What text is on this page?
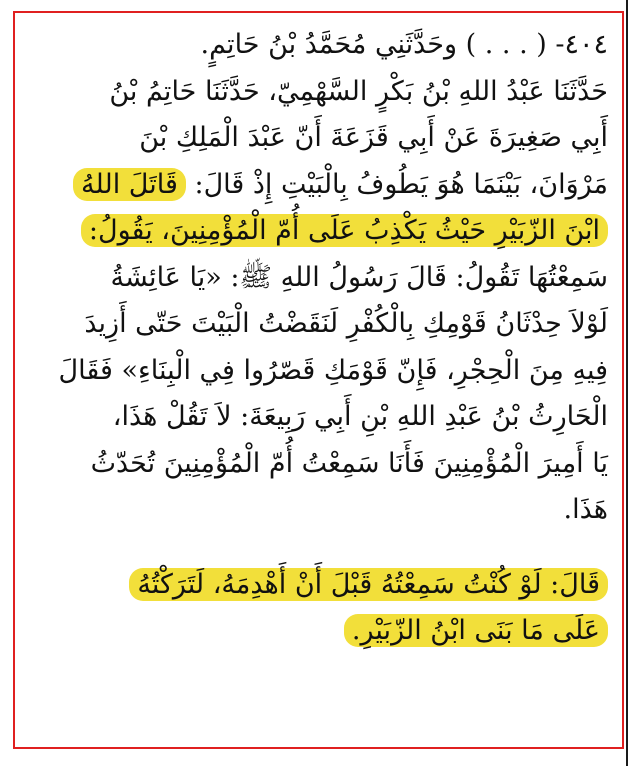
٤٠٤- ( . . . ) وحَدَّثَنِي مُحَمَّدُ بْنُ حَاتِمٍ.
حَدَّثَنَا عَبْدُ اللهِ بْنُ بَكْرٍ السَّهْمِيّ، حَدَّثَنَا حَاتِمُ بْنُ
أَبِي صَغِيرَةَ عَنْ أَبِي قَزَعَةَ أَنّ عَبْدَ الْمَلِكِ بْنَ
مَرْوَانَ، بَيْنَمَا هُوَ يَطُوفُ بِالْبَيْتِ إِذْ قَالَ: قَاتَلَ اللهُ
ابْنَ الزّبَيْرِ حَيْثُ يَكْذِبُ عَلَى أُمّ الْمُؤْمِنِينَ، يَقُولُ:
سَمِعْتُهَا تَقُولُ: قَالَ رَسُولُ اللهِ ﷺ: «يَا عَائِشَةُ
لَوْلاَ حِدْثَانُ قَوْمِكِ بِالْكُفْرِ لَنَقَضْتُ الْبَيْتَ حَتّى أَزِيدَ
فِيهِ مِنَ الْحِجْرِ، فَإِنّ قَوْمَكِ قَصّرُوا فِي الْبِنَاءِ» فَقَالَ
الْحَارِثُ بْنُ عَبْدِ اللهِ بْنِ أَبِي رَبِيعَةَ: لاَ تَقُلْ هَذَا،
يَا أَمِيرَ الْمُؤْمِنِينَ فَأَنَا سَمِعْتُ أُمّ الْمُؤْمِنِينَ تُحَدّثُ
هَذَا.
قَالَ: لَوْ كُنْتُ سَمِعْتُهُ قَبْلَ أَنْ أَهْدِمَهُ، لَتَرَكْتُهُ
عَلَى مَا بَنَى ابْنُ الزّبَيْرِ.
